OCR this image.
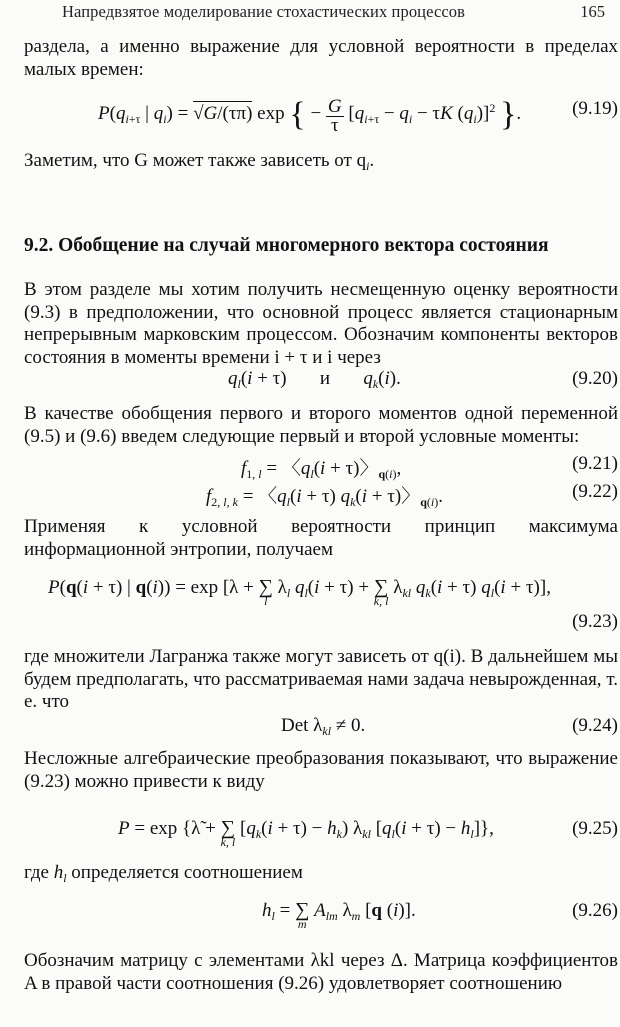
Напредвзятое моделирование стохастических процессов	165

раздела, а именно выражение для условной вероятности в пределах малых времен:

$P(q_{i+\tau}$ | $q_i) = √G/(\tau\pi)$ exp { − $\frac{G}{\tau} [q_{i+\tau} - q_i - \tau K$ $(q_i)]^2$ }.	(9.19)

Заметим, что G может также зависеть от $q_i$.

9.2. Обобщение на случай многомерного вектора состояния

В этом разделе мы хотим получить несмещенную оценку вероятности (9.3) в предположении, что основной процесс является стационарным непрерывным марковским процессом. Обозначим компоненты векторов состояния в моменты времени i + τ и i через

$q_l(i + \tau)$       и $q_k(i)$.	(9.20)

В качестве обобщения первого и второго моментов одной переменной (9.5) и (9.6) введем следующие первый и второй условные моменты:

$f_{1, l}$ = 〈$q_l(i + \tau)$〉$_{q(i)}$,	(9.21)
$f_{2, l, k}$ = 〈$q_l(i + \tau) q_k(i + \tau)$〉$_{q(i)}$.	(9.22)

Применяя к условной вероятности принцип максимума информационной энтропии, получаем

P(q(i + τ) | q(i)) = exp [λ + ∑
l
$\lambda_l$ $q_l(i + \tau)$ + ∑
k, l
$\lambda_{kl}$ $q_k(i + \tau) q_l(i + \tau)$],
(9.23)

где множители Лагранжа также могут зависеть от q(i). В дальнейшем мы будем предполагать, что рассматриваемая нами задача невырожденная, т. е. что

Det $\lambda_{kl} \ne 0$.	(9.24)

Несложные алгебраические преобразования показывают, что выражение (9.23) можно привести к виду

P = exp {λ̃ + ∑
k, l
$[q_k(i + \tau) - h_k)$ $\lambda_{kl}$ $[q_l(i + \tau) - h_l]$},	(9.25)

где $h_l$ определяется соотношением

$h_l$ = ∑
m
$A_{lm}$ $\lambda_m$ [q (i)].	(9.26)

Обозначим матрицу с элементами λkl через Δ. Матрица коэффициентов A в правой части соотношения (9.26) удовлетворяет соотношению
